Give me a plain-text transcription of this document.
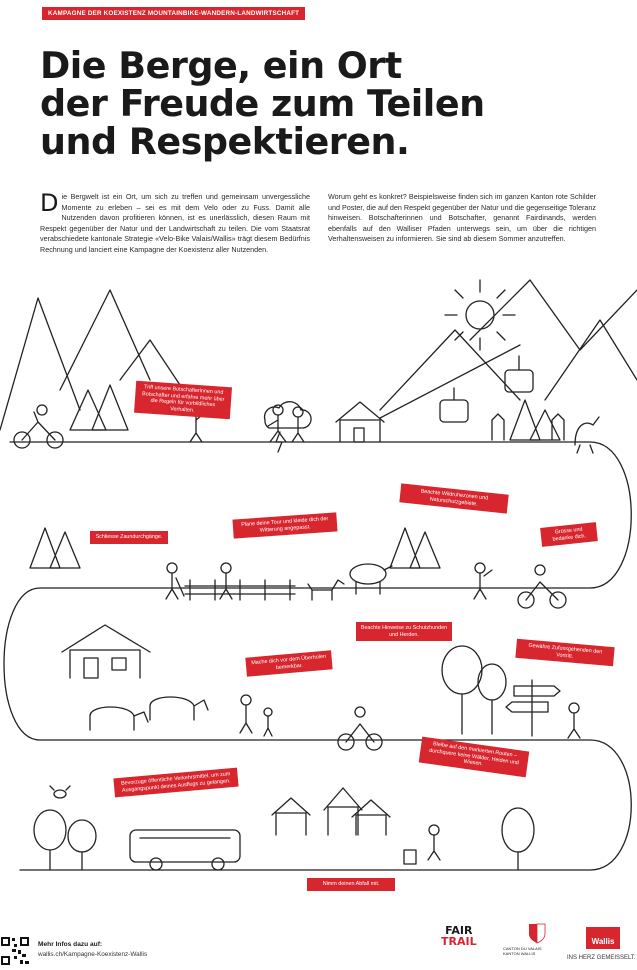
KAMPAGNE DER KOEXISTENZ MOUNTAINBIKE-WANDERN-LANDWIRTSCHAFT
Die Berge, ein Ort
der Freude zum Teilen
und Respektieren.
Die Bergwelt ist ein Ort, um sich zu treffen und gemeinsam unvergessliche Momente zu erleben – sei es mit dem Velo oder zu Fuss. Damit alle Nutzenden davon profitieren können, ist es unerlässlich, diesen Raum mit Respekt gegenüber der Natur und der Landwirtschaft zu teilen. Die vom Staatsrat verabschiedete kantonale Strategie «Velo-Bike Valais/Wallis» trägt diesem Bedürfnis Rechnung und lanciert eine Kampagne der Koexistenz aller Nutzenden.
Worum geht es konkret? Beispielsweise finden sich im ganzen Kanton rote Schilder und Poster, die auf den Respekt gegenüber der Natur und die gegenseitige Toleranz hinweisen. Botschafterinnen und Botschafter, genannt Fairdinands, werden ebenfalls auf den Walliser Pfaden unterwegs sein, um über die richtigen Verhaltensweisen zu informieren. Sie sind ab diesem Sommer anzutreffen.
Triff unsere Botschafterinnen und Botschafter und erfahre mehr über die Regeln für vorbildliches Verhalten.
Plane deine Tour und kleide dich der Witterung angepasst.
Beachte Wildruhezonen und Naturschutzgebiete.
Schliesse Zaundurchgänge.
Grüsse und bedanke dich.
Beachte Hinweise zu Schutzhunden und Herden.
Gewähre Zufussgehenden den Vortritt.
Mache dich vor dem Überholen bemerkbar.
Bleibe auf den markierten Routen – durchquere keine Wälder, Heiden und Wiesen.
Bevorzuge öffentliche Verkehrsmittel, um zum Ausgangspunkt deines Ausflugs zu gelangen.
Nimm deinen Abfall mit.
Mehr Infos dazu auf:
wallis.ch/Kampagne-Koexistenz-Wallis
FAIR
TRAIL
CANTON DU VALAIS
KANTON WALLIS
Wallis
INS HERZ GEMEISSELT.
